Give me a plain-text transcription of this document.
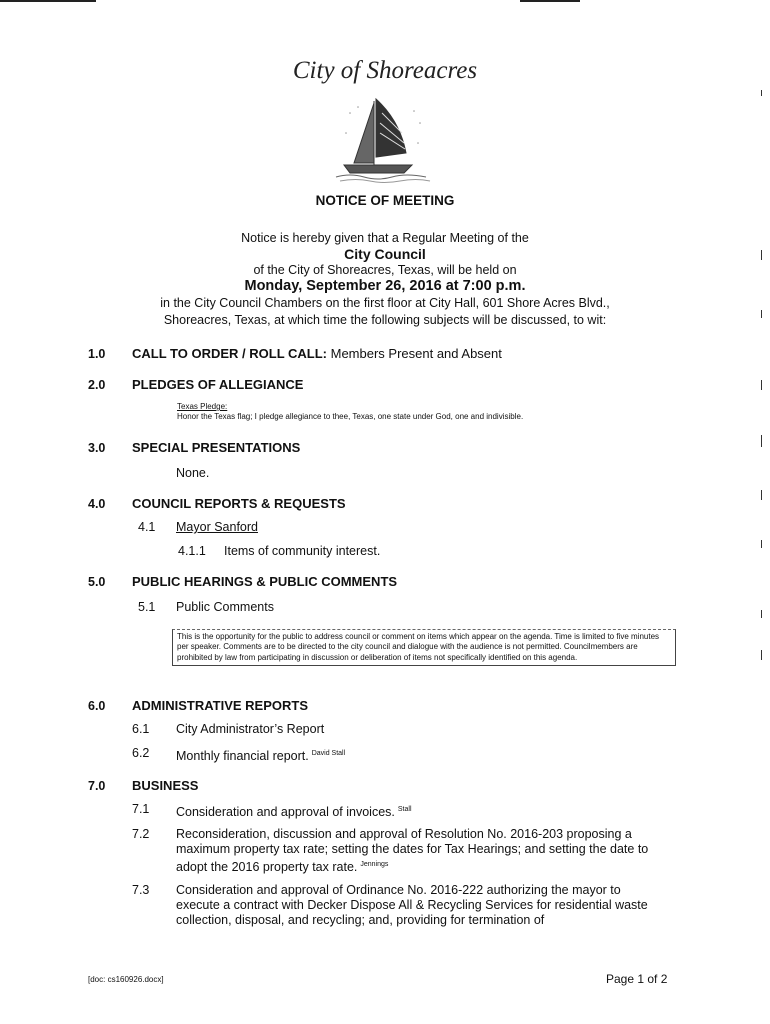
City of Shoreacres
NOTICE OF MEETING
Notice is hereby given that a Regular Meeting of the
City Council
of the City of Shoreacres, Texas, will be held on
Monday, September 26, 2016 at 7:00 p.m.
in the City Council Chambers on the first floor at City Hall, 601 Shore Acres Blvd.,
Shoreacres, Texas, at which time the following subjects will be discussed, to wit:
1.0 CALL TO ORDER / ROLL CALL: Members Present and Absent
2.0 PLEDGES OF ALLEGIANCE
Texas Pledge:
Honor the Texas flag; I pledge allegiance to thee, Texas, one state under God, one and indivisible.
3.0 SPECIAL PRESENTATIONS
None.
4.0 COUNCIL REPORTS & REQUESTS
4.1 Mayor Sanford
4.1.1 Items of community interest.
5.0 PUBLIC HEARINGS & PUBLIC COMMENTS
5.1 Public Comments
This is the opportunity for the public to address council or comment on items which appear on the agenda. Time is limited to five minutes per speaker. Comments are to be directed to the city council and dialogue with the audience is not permitted. Councilmembers are prohibited by law from participating in discussion or deliberation of items not specifically identified on this agenda.
6.0 ADMINISTRATIVE REPORTS
6.1 City Administrator’s Report
6.2 Monthly financial report. $^{David Stall}$
7.0 BUSINESS
7.1 Consideration and approval of invoices. $^{Stall}$
7.2 Reconsideration, discussion and approval of Resolution No. 2016-203 proposing a maximum property tax rate; setting the dates for Tax Hearings; and setting the date to adopt the 2016 property tax rate. $^{Jennings}$
7.3 Consideration and approval of Ordinance No. 2016-222 authorizing the mayor to execute a contract with Decker Dispose All & Recycling Services for residential waste collection, disposal, and recycling; and, providing for termination of
[doc: cs160926.docx]	Page 1 of 2
